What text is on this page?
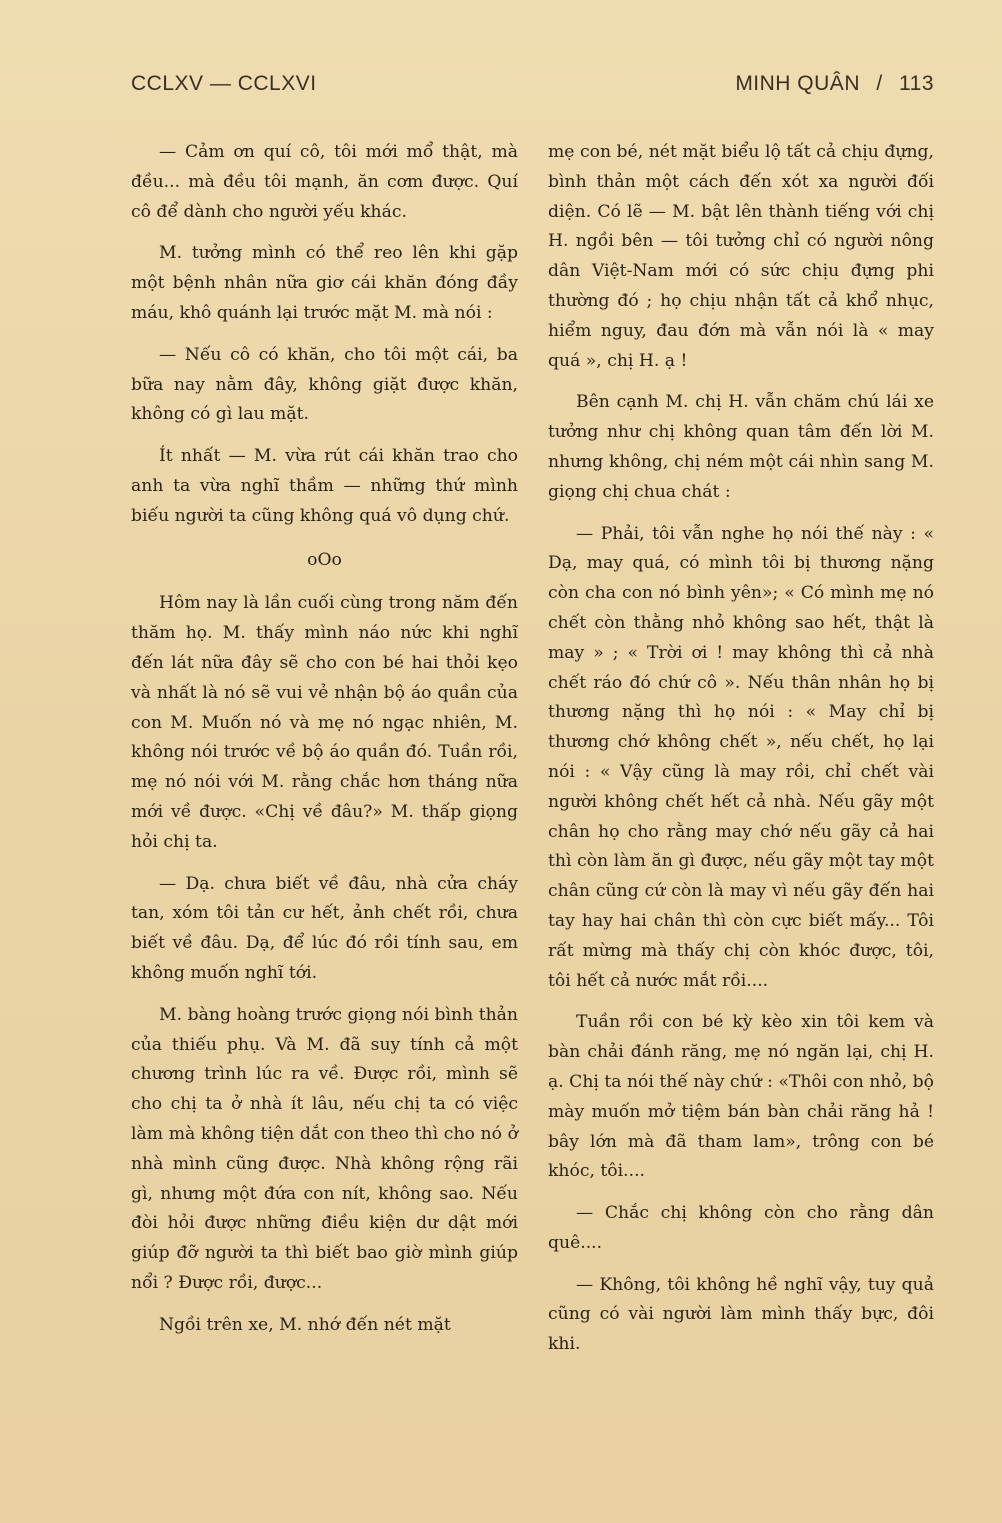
CCLXV — CCLXVI	MINH QUÂN / 113

— Cảm ơn quí cô, tôi mới mổ thật, mà đều... mà đều tôi mạnh, ăn cơm được. Quí cô để dành cho người yếu khác.

M. tưởng mình có thể reo lên khi gặp một bệnh nhân nữa giơ cái khăn đóng đầy máu, khô quánh lại trước mặt M. mà nói :

— Nếu cô có khăn, cho tôi một cái, ba bữa nay nằm đây, không giặt được khăn, không có gì lau mặt.

Ít nhất — M. vừa rút cái khăn trao cho anh ta vừa nghĩ thầm — những thứ mình biếu người ta cũng không quá vô dụng chứ.

oOo

Hôm nay là lần cuối cùng trong năm đến thăm họ. M. thấy mình náo nức khi nghĩ đến lát nữa đây sẽ cho con bé hai thỏi kẹo và nhất là nó sẽ vui vẻ nhận bộ áo quần của con M. Muốn nó và mẹ nó ngạc nhiên, M. không nói trước về bộ áo quần đó. Tuần rồi, mẹ nó nói với M. rằng chắc hơn tháng nữa mới về được. «Chị về đâu?» M. thấp giọng hỏi chị ta.

— Dạ. chưa biết về đâu, nhà cửa cháy tan, xóm tôi tản cư hết, ảnh chết rồi, chưa biết về đâu. Dạ, để lúc đó rồi tính sau, em không muốn nghĩ tới.

M. bàng hoàng trước giọng nói bình thản của thiếu phụ. Và M. đã suy tính cả một chương trình lúc ra về. Được rồi, mình sẽ cho chị ta ở nhà ít lâu, nếu chị ta có việc làm mà không tiện dắt con theo thì cho nó ở nhà mình cũng được. Nhà không rộng rãi gì, nhưng một đứa con nít, không sao. Nếu đòi hỏi được những điều kiện dư dật mới giúp đỡ người ta thì biết bao giờ mình giúp nổi ? Được rồi, được...

Ngồi trên xe, M. nhớ đến nét mặt

mẹ con bé, nét mặt biểu lộ tất cả chịu đựng, bình thản một cách đến xót xa người đối diện. Có lẽ — M. bật lên thành tiếng với chị H. ngồi bên — tôi tưởng chỉ có người nông dân Việt-Nam mới có sức chịu đựng phi thường đó ; họ chịu nhận tất cả khổ nhục, hiểm nguy, đau đớn mà vẫn nói là « may quá », chị H. ạ !

Bên cạnh M. chị H. vẫn chăm chú lái xe tưởng như chị không quan tâm đến lời M. nhưng không, chị ném một cái nhìn sang M. giọng chị chua chát :

— Phải, tôi vẫn nghe họ nói thế này : « Dạ, may quá, có mình tôi bị thương nặng còn cha con nó bình yên»; « Có mình mẹ nó chết còn thằng nhỏ không sao hết, thật là may » ; « Trời ơi ! may không thì cả nhà chết ráo đó chứ cô ». Nếu thân nhân họ bị thương nặng thì họ nói : « May chỉ bị thương chớ không chết », nếu chết, họ lại nói : « Vậy cũng là may rồi, chỉ chết vài người không chết hết cả nhà. Nếu gãy một chân họ cho rằng may chớ nếu gãy cả hai thì còn làm ăn gì được, nếu gãy một tay một chân cũng cứ còn là may vì nếu gãy đến hai tay hay hai chân thì còn cực biết mấy... Tôi rất mừng mà thấy chị còn khóc được, tôi, tôi hết cả nước mắt rồi....

Tuần rồi con bé kỳ kèo xin tôi kem và bàn chải đánh răng, mẹ nó ngăn lại, chị H. ạ. Chị ta nói thế này chứ : «Thôi con nhỏ, bộ mày muốn mở tiệm bán bàn chải răng hả ! bây lớn mà đã tham lam», trông con bé khóc, tôi....

— Chắc chị không còn cho rằng dân quê....

— Không, tôi không hề nghĩ vậy, tuy quả cũng có vài người làm mình thấy bực, đôi khi.
